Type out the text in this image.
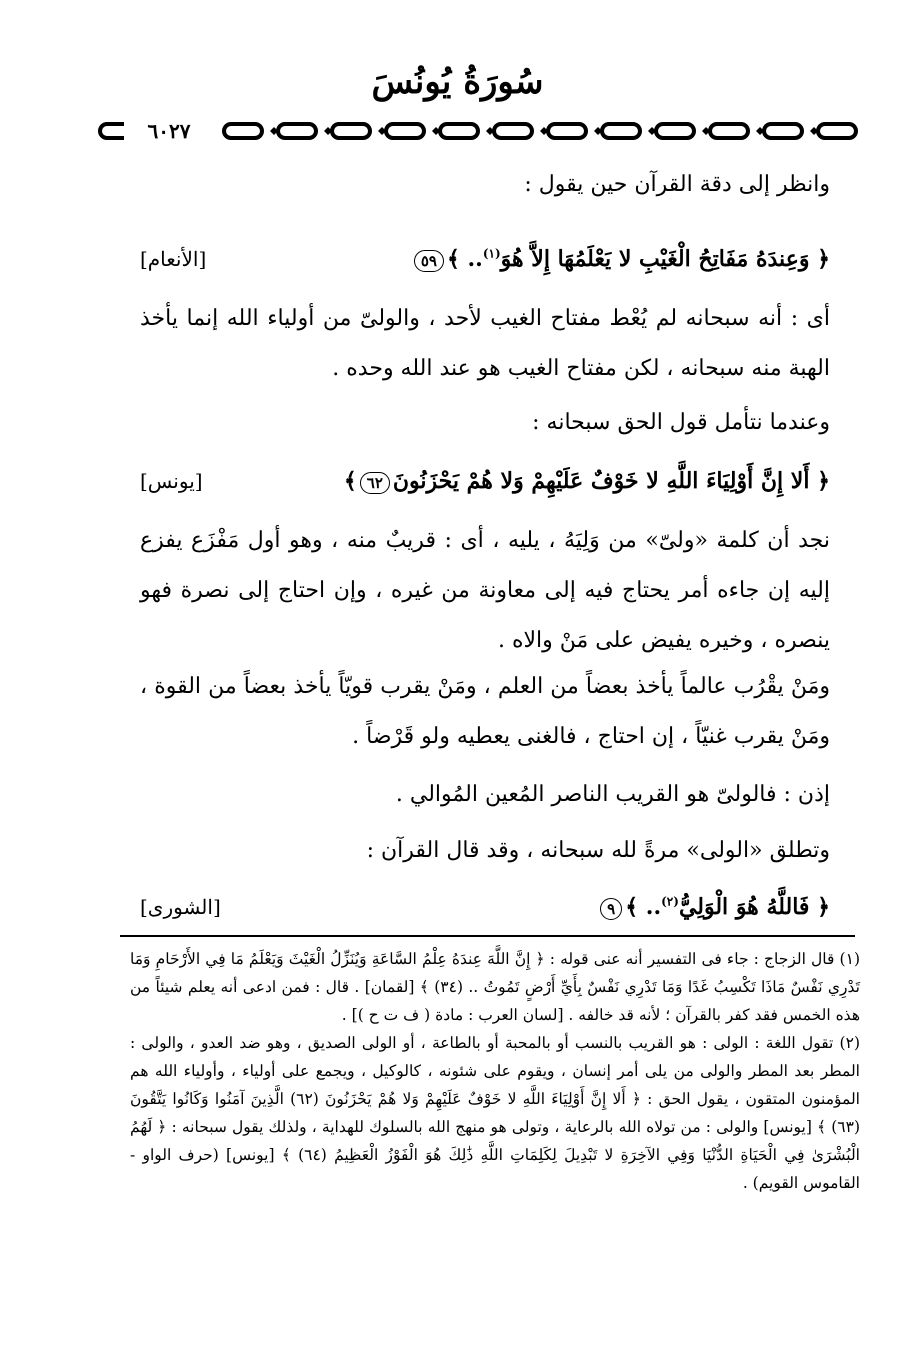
سُورَةُ يُونُسَ
٦٠٢٧

وانظر إلى دقة القرآن حين يقول :

﴿ وَعِندَهُ مَفَاتِحُ الْغَيْبِ لا يَعْلَمُهَا إِلاَّ هُوَ$^{(١)}$.. ﴾٥٩
[الأنعام]

أى : أنه سبحانه لم يُعْط مفتاح الغيب لأحد ، والولىّ من أولياء الله إنما يأخذ الهبة منه سبحانه ، لكن مفتاح الغيب هو عند الله وحده .

وعندما نتأمل قول الحق سبحانه :

﴿ أَلا إِنَّ أَوْلِيَاءَ اللَّهِ لا خَوْفٌ عَلَيْهِمْ وَلا هُمْ يَحْزَنُونَ٦٢﴾
[يونس]

نجد أن كلمة «ولىّ» من وَلِيَهُ ، يليه ، أى : قريبٌ منه ، وهو أول مَفْزَع يفزع إليه إن جاءه أمر يحتاج فيه إلى معاونة من غيره ، وإن احتاج إلى نصرة فهو ينصره ، وخيره يفيض على مَنْ والاه .

ومَنْ يقْرُب عالماً يأخذ بعضاً من العلم ، ومَنْ يقرب قويّاً يأخذ بعضاً من القوة ، ومَنْ يقرب غنيّاً ، إن احتاج ، فالغنى يعطيه ولو قَرْضاً .

إذن : فالولىّ هو القريب الناصر المُعين المُوالي .

وتطلق «الولى» مرةً لله سبحانه ، وقد قال القرآن :

﴿ فَاللَّهُ هُوَ الْوَلِيُّ$^{(٢)}$.. ﴾٩
[الشورى]

(١) قال الزجاج : جاء فى التفسير أنه عنى قوله : ﴿ إِنَّ اللَّهَ عِندَهُ عِلْمُ السَّاعَةِ وَيُنَزِّلُ الْغَيْثَ وَيَعْلَمُ مَا فِي الأَرْحَامِ وَمَا تَدْرِي نَفْسٌ مَاذَا تَكْسِبُ غَدًا وَمَا تَدْرِي نَفْسٌ بِأَيِّ أَرْضٍ تَمُوتُ .. (٣٤) ﴾ [لقمان] . قال : فمن ادعى أنه يعلم شيئاً من هذه الخمس فقد كفر بالقرآن ؛ لأنه قد خالفه . [لسان العرب : مادة ( ف ت ح )] .

(٢) تقول اللغة : الولى : هو القريب بالنسب أو بالمحبة أو بالطاعة ، أو الولى الصديق ، وهو ضد العدو ، والولى : المطر بعد المطر والولى من يلى أمر إنسان ، ويقوم على شئونه ، كالوكيل ، ويجمع على أولياء ، وأولياء الله هم المؤمنون المتقون ، يقول الحق : ﴿ أَلا إِنَّ أَوْلِيَاءَ اللَّهِ لا خَوْفٌ عَلَيْهِمْ وَلا هُمْ يَحْزَنُونَ (٦٢) الَّذِينَ آمَنُوا وَكَانُوا يَتَّقُونَ (٦٣) ﴾ [يونس] والولى : من تولاه الله بالرعاية ، وتولى هو منهج الله بالسلوك للهداية ، ولذلك يقول سبحانه : ﴿ لَهُمُ الْبُشْرَىٰ فِي الْحَيَاةِ الدُّنْيَا وَفِي الآخِرَةِ لا تَبْدِيلَ لِكَلِمَاتِ اللَّهِ ذَٰلِكَ هُوَ الْفَوْزُ الْعَظِيمُ (٦٤) ﴾ [يونس] (حرف الواو - القاموس القويم) .
